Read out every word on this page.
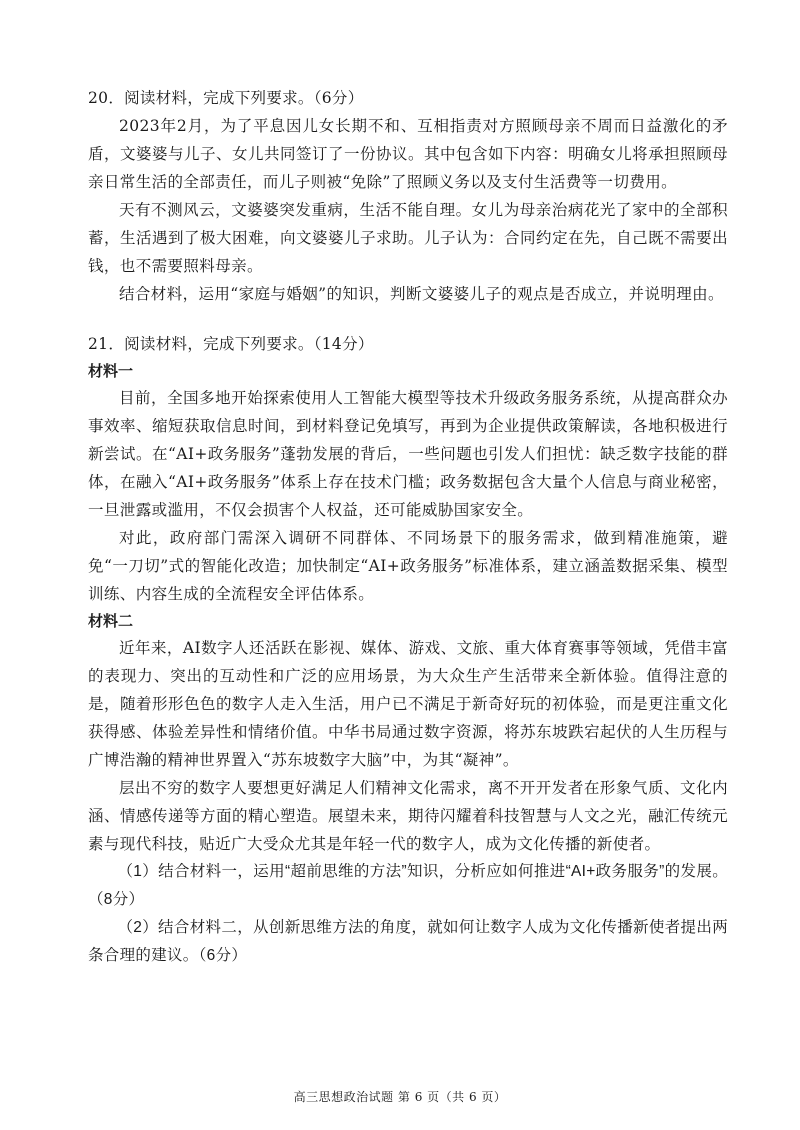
20．阅读材料，完成下列要求。（6分）

2023年2月，为了平息因儿女长期不和、互相指责对方照顾母亲不周而日益激化的矛盾，文婆婆与儿子、女儿共同签订了一份协议。其中包含如下内容：明确女儿将承担照顾母亲日常生活的全部责任，而儿子则被“免除”了照顾义务以及支付生活费等一切费用。

天有不测风云，文婆婆突发重病，生活不能自理。女儿为母亲治病花光了家中的全部积蓄，生活遇到了极大困难，向文婆婆儿子求助。儿子认为：合同约定在先，自己既不需要出钱，也不需要照料母亲。

结合材料，运用“家庭与婚姻”的知识，判断文婆婆儿子的观点是否成立，并说明理由。

21．阅读材料，完成下列要求。（14分）

材料一

目前，全国多地开始探索使用人工智能大模型等技术升级政务服务系统，从提高群众办事效率、缩短获取信息时间，到材料登记免填写，再到为企业提供政策解读，各地积极进行新尝试。在“AI+政务服务”蓬勃发展的背后，一些问题也引发人们担忧：缺乏数字技能的群体，在融入“AI+政务服务”体系上存在技术门槛；政务数据包含大量个人信息与商业秘密，一旦泄露或滥用，不仅会损害个人权益，还可能威胁国家安全。

对此，政府部门需深入调研不同群体、不同场景下的服务需求，做到精准施策，避免“一刀切”式的智能化改造；加快制定“AI+政务服务”标准体系，建立涵盖数据采集、模型训练、内容生成的全流程安全评估体系。

材料二

近年来，AI数字人还活跃在影视、媒体、游戏、文旅、重大体育赛事等领域，凭借丰富的表现力、突出的互动性和广泛的应用场景，为大众生产生活带来全新体验。值得注意的是，随着形形色色的数字人走入生活，用户已不满足于新奇好玩的初体验，而是更注重文化获得感、体验差异性和情绪价值。中华书局通过数字资源，将苏东坡跌宕起伏的人生历程与广博浩瀚的精神世界置入“苏东坡数字大脑”中，为其“凝神”。

层出不穷的数字人要想更好满足人们精神文化需求，离不开开发者在形象气质、文化内涵、情感传递等方面的精心塑造。展望未来，期待闪耀着科技智慧与人文之光，融汇传统元素与现代科技，贴近广大受众尤其是年轻一代的数字人，成为文化传播的新使者。

（1）结合材料一，运用“超前思维的方法”知识，分析应如何推进“AI+政务服务”的发展。（8分）

（2）结合材料二，从创新思维方法的角度，就如何让数字人成为文化传播新使者提出两条合理的建议。（6分）

高三思想政治试题 第 6 页（共 6 页）
